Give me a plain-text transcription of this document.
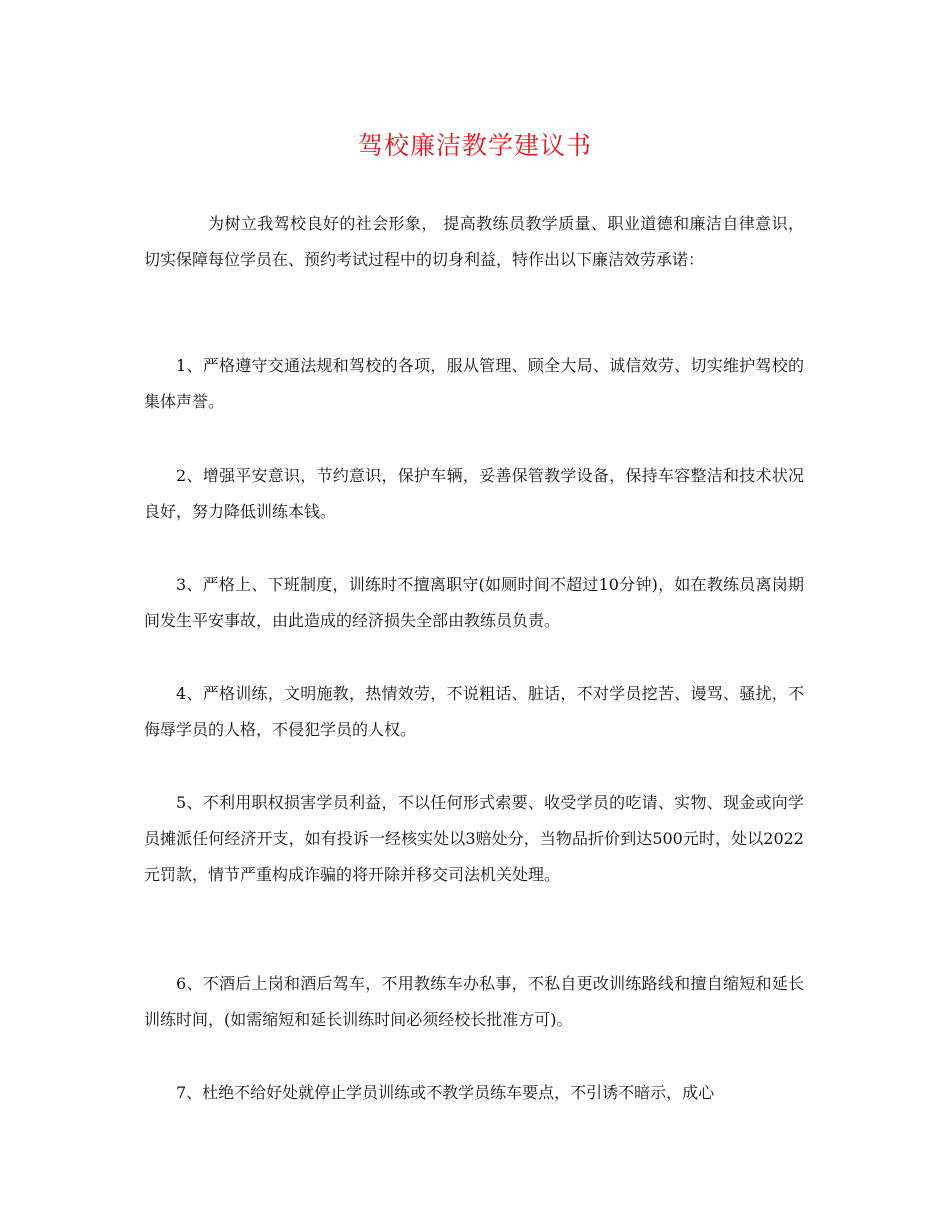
驾校廉洁教学建议书

为树立我驾校良好的社会形象， 提高教练员教学质量、职业道德和廉洁自律意识，切实保障每位学员在、预约考试过程中的切身利益，特作出以下廉洁效劳承诺：

1、严格遵守交通法规和驾校的各项，服从管理、顾全大局、诚信效劳、切实维护驾校的集体声誉。

2、增强平安意识，节约意识，保护车辆，妥善保管教学设备，保持车容整洁和技术状况良好，努力降低训练本钱。

3、严格上、下班制度，训练时不擅离职守(如厕时间不超过10分钟)，如在教练员离岗期间发生平安事故，由此造成的经济损失全部由教练员负责。

4、严格训练，文明施教，热情效劳，不说粗话、脏话，不对学员挖苦、谩骂、骚扰，不侮辱学员的人格，不侵犯学员的人权。

5、不利用职权损害学员利益，不以任何形式索要、收受学员的吃请、实物、现金或向学员摊派任何经济开支，如有投诉一经核实处以3赔处分，当物品折价到达500元时，处以2022元罚款，情节严重构成诈骗的将开除并移交司法机关处理。

6、不酒后上岗和酒后驾车，不用教练车办私事，不私自更改训练路线和擅自缩短和延长训练时间，(如需缩短和延长训练时间必须经校长批准方可)。

7、杜绝不给好处就停止学员训练或不教学员练车要点，不引诱不暗示，成心
